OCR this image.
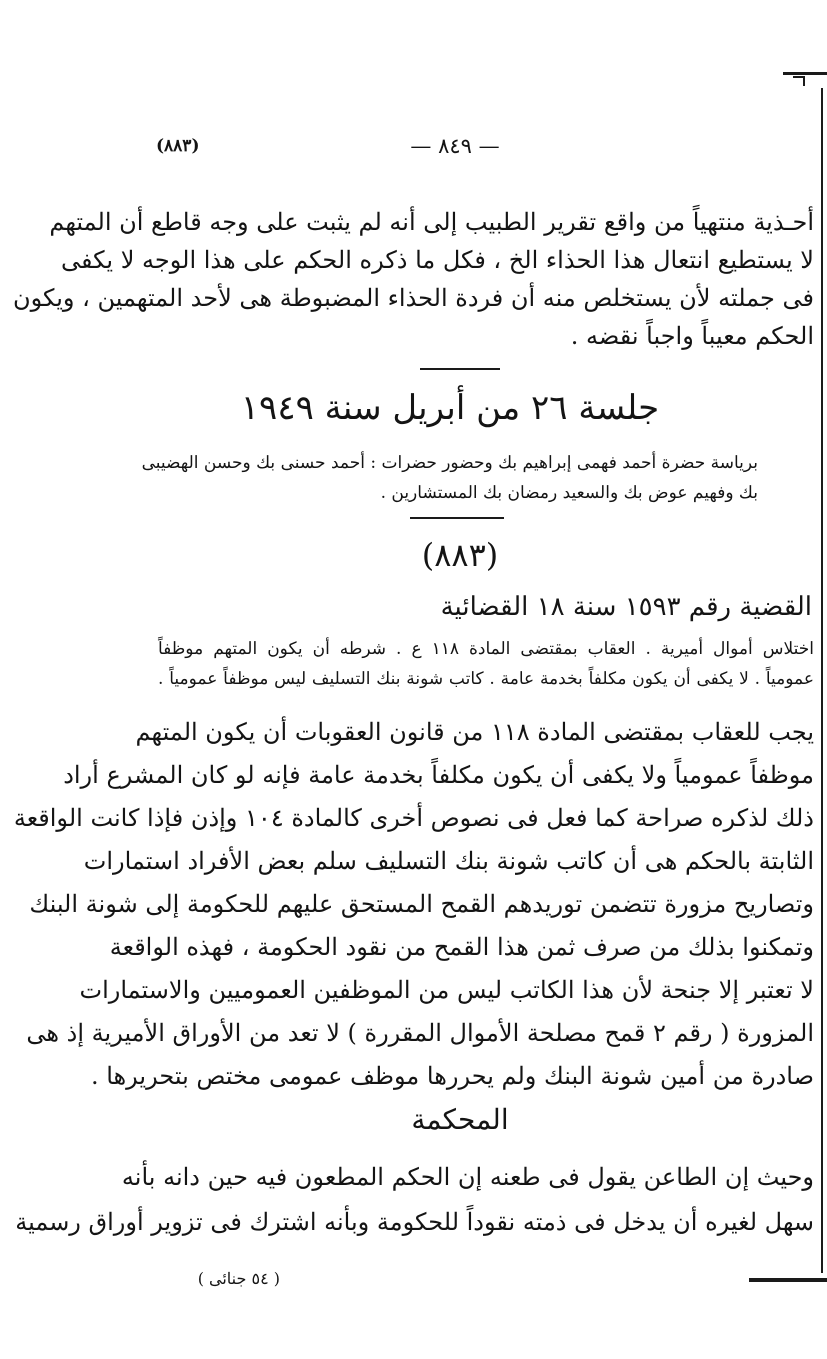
(٨٨٣)	— ٨٤٩ —
أحـذية منتهياً من واقع تقرير الطبيب إلى أنه لم يثبت على وجه قاطع أن المتهم
لا يستطيع انتعال هذا الحذاء الخ ، فكل ما ذكره الحكم على هذا الوجه لا يكفى
فى جملته لأن يستخلص منه أن فردة الحذاء المضبوطة هى لأحد المتهمين ، ويكون
الحكم معيباً واجباً نقضه .
جلسة ٢٦ من أبريل سنة ١٩٤٩
برياسة حضرة أحمد فهمى إبراهيم بك وحضور حضرات : أحمد حسنى بك وحسن الهضيبى
بك وفهيم عوض بك والسعيد رمضان بك المستشارين .
(٨٨٣)
القضية رقم ١٥٩٣ سنة ١٨ القضائية
اختلاس أموال أميرية . العقاب بمقتضى المادة ١١٨ ع . شرطه أن يكون المتهم موظفاً
عمومياً . لا يكفى أن يكون مكلفاً بخدمة عامة . كاتب شونة بنك التسليف ليس موظفاً عمومياً .
يجب للعقاب بمقتضى المادة ١١٨ من قانون العقوبات أن يكون المتهم
موظفاً عمومياً ولا يكفى أن يكون مكلفاً بخدمة عامة فإنه لو كان المشرع أراد
ذلك لذكره صراحة كما فعل فى نصوص أخرى كالمادة ١٠٤ وإذن فإذا كانت الواقعة
الثابتة بالحكم هى أن كاتب شونة بنك التسليف سلم بعض الأفراد استمارات
وتصاريح مزورة تتضمن توريدهم القمح المستحق عليهم للحكومة إلى شونة البنك
وتمكنوا بذلك من صرف ثمن هذا القمح من نقود الحكومة ، فهذه الواقعة
لا تعتبر إلا جنحة لأن هذا الكاتب ليس من الموظفين العموميين والاستمارات
المزورة ( رقم ٢ قمح مصلحة الأموال المقررة ) لا تعد من الأوراق الأميرية إذ هى
صادرة من أمين شونة البنك ولم يحررها موظف عمومى مختص بتحريرها .
المحكمة
وحيث إن الطاعن يقول فى طعنه إن الحكم المطعون فيه حين دانه بأنه
سهل لغيره أن يدخل فى ذمته نقوداً للحكومة وبأنه اشترك فى تزوير أوراق رسمية
( ٥٤ جنائى )
